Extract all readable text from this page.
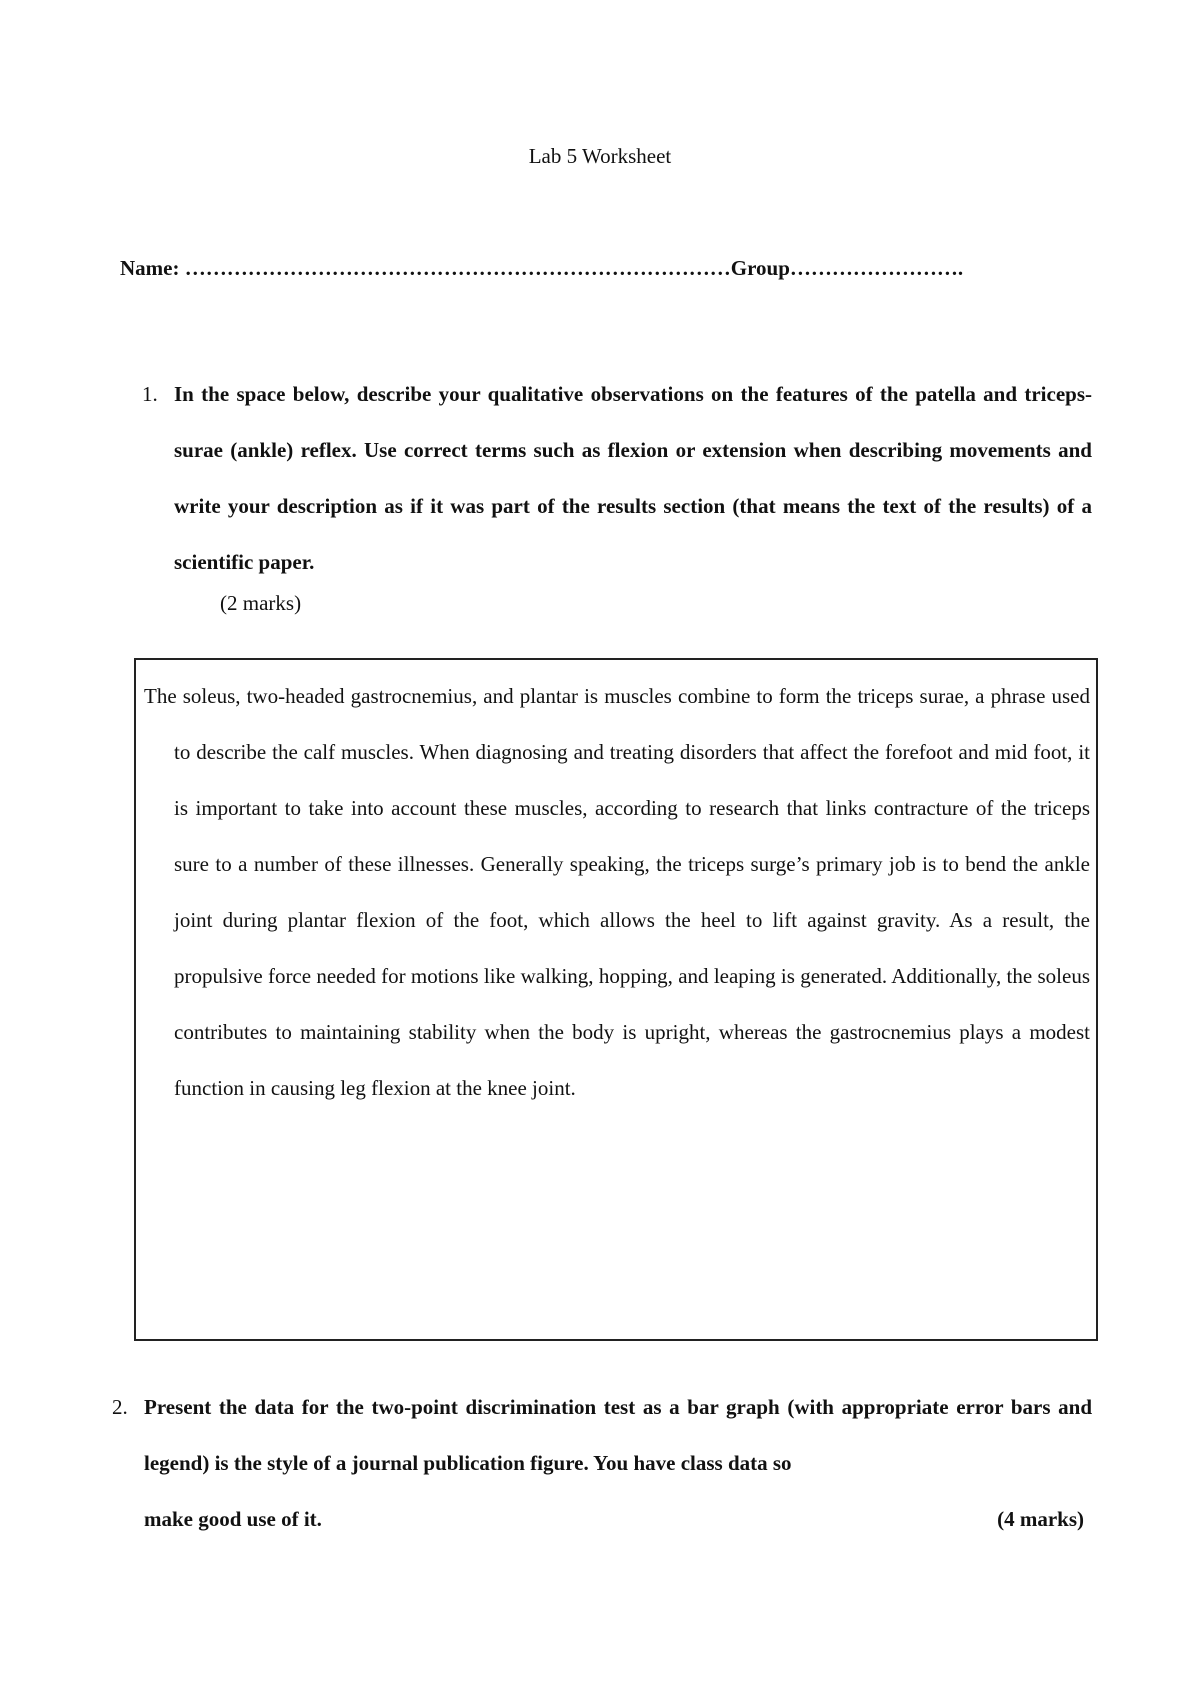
Lab 5 Worksheet
Name: ……………………………………………………………………Group…………………….
1. In the space below, describe your qualitative observations on the features of the patella and triceps-surae (ankle) reflex. Use correct terms such as flexion or extension when describing movements and write your description as if it was part of the results section (that means the text of the results) of a scientific paper.
(2 marks)
The soleus, two-headed gastrocnemius, and plantar is muscles combine to form the triceps surae, a phrase used to describe the calf muscles. When diagnosing and treating disorders that affect the forefoot and mid foot, it is important to take into account these muscles, according to research that links contracture of the triceps sure to a number of these illnesses. Generally speaking, the triceps surge’s primary job is to bend the ankle joint during plantar flexion of the foot, which allows the heel to lift against gravity. As a result, the propulsive force needed for motions like walking, hopping, and leaping is generated. Additionally, the soleus contributes to maintaining stability when the body is upright, whereas the gastrocnemius plays a modest function in causing leg flexion at the knee joint.
2. Present the data for the two-point discrimination test as a bar graph (with appropriate error bars and legend) is the style of a journal publication figure. You have class data so
make good use of it.	(4 marks)
